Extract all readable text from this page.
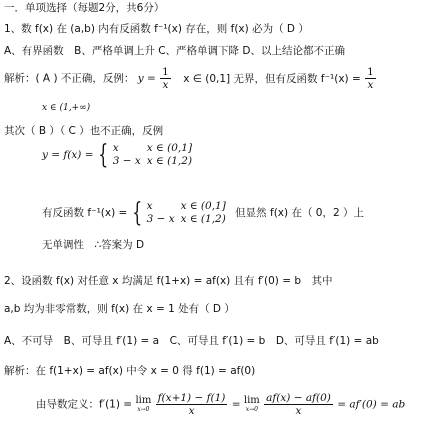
一．单项选择（每题2分，共6分）
1、数 f(x) 在 (a,b) 内有反函数 f⁻¹(x) 存在，则 f(x) 必为（ D ）
A、有界函数　B、严格单调上升 C、严格单调下降 D、以上结论都不正确
解析：( A ) 不正确，反例： $y = \frac{1}{x}$ x ∈ (0,1] 无界，但有反函数 $f^{-1}(x) = \frac{1}{x}$
x ∈ (1,+∞)
其次（ B ）（ C ）也不正确，反例
y = f(x) = { x	x ∈ (0,1]
3 − x x ∈ (1,2)
有反函数 f⁻¹(x) = { x	x ∈ (0,1]
3 − x x ∈ (1,2) 但显然 f(x) 在（ 0，2 ）上
无单调性　∴答案为 D
2、设函数 f(x) 对任意 x 均满足 f(1+x) = af(x) 且有 f′(0) = b　其中
a,b 均为非零常数，则 f(x) 在 x = 1 处有（ D ）
A、不可导　B、可导且 f′(1) = a　C、可导且 f′(1) = b　D、可导且 f′(1) = ab
解析：在 f(1+x) = af(x) 中令 x = 0 得 f(1) = af(0)
由导数定义：f′(1) = lim
x→0
$\frac{f(x+1) - f(1)}{x} = \lim$
x→0
$\frac{af(x) - af(0)}{x} = af'(0)$ = ab
